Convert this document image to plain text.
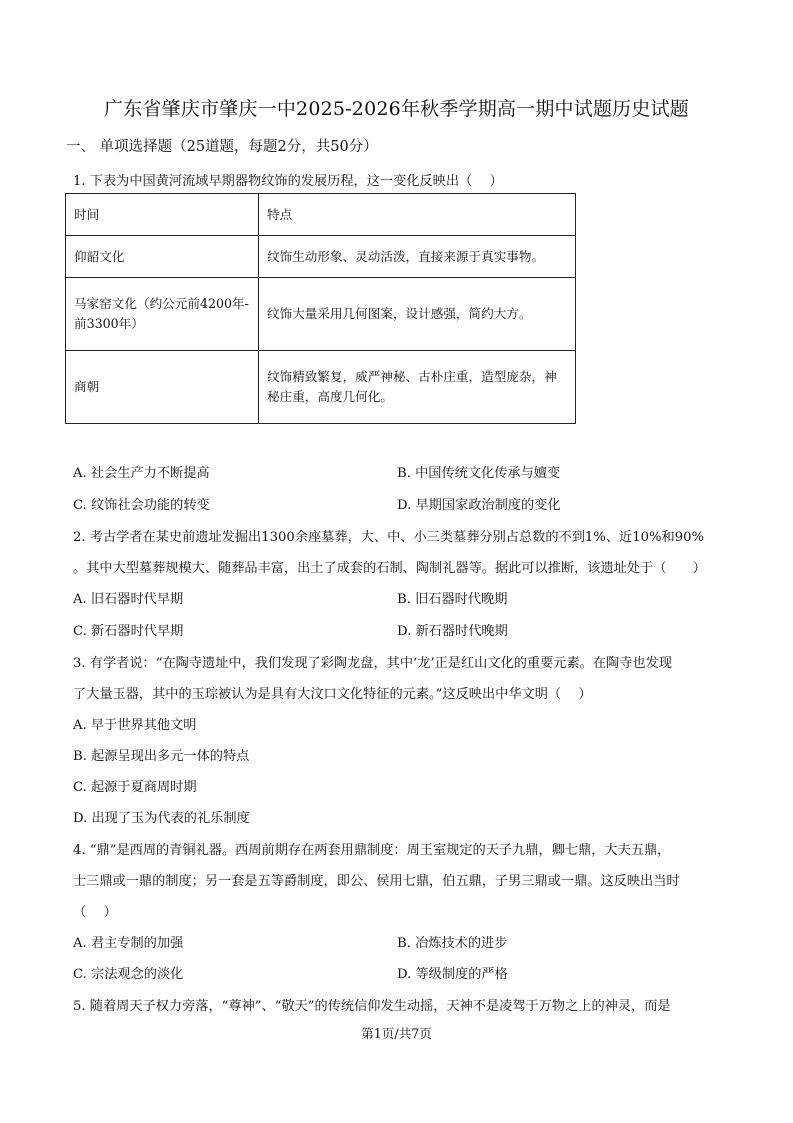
广东省肇庆市肇庆一中2025-2026年秋季学期高一期中试题历史试题
一、 单项选择题（25道题，每题2分，共50分）
1. 下表为中国黄河流域早期器物纹饰的发展历程，这一变化反映出（　 ）
时间	特点
仰韶文化	纹饰生动形象、灵动活泼，直接来源于真实事物。
马家窑文化（约公元前4200年-前3300年）	纹饰大量采用几何图案，设计感强，简约大方。
商朝	纹饰精致繁复，威严神秘、古朴庄重，造型庞杂，神秘庄重，高度几何化。
A. 社会生产力不断提高	B. 中国传统文化传承与嬗变
C. 纹饰社会功能的转变	D. 早期国家政治制度的变化
2. 考古学者在某史前遗址发掘出1300余座墓葬，大、中、小三类墓葬分别占总数的不到1%、近10%和90%
。其中大型墓葬规模大、随葬品丰富，出土了成套的石制、陶制礼器等。据此可以推断，该遗址处于（　　）
A. 旧石器时代早期	B. 旧石器时代晚期
C. 新石器时代早期	D. 新石器时代晚期
3. 有学者说：“在陶寺遗址中，我们发现了彩陶龙盘，其中‘龙’正是红山文化的重要元素。在陶寺也发现
了大量玉器，其中的玉琮被认为是具有大汶口文化特征的元素。”这反映出中华文明（　 ）
A. 早于世界其他文明
B. 起源呈现出多元一体的特点
C. 起源于夏商周时期
D. 出现了玉为代表的礼乐制度
4. “鼎”是西周的青铜礼器。西周前期存在两套用鼎制度：周王室规定的天子九鼎，卿七鼎，大夫五鼎，
士三鼎或一鼎的制度；另一套是五等爵制度，即公、侯用七鼎，伯五鼎，子男三鼎或一鼎。这反映出当时
（　 ）
A. 君主专制的加强	B. 冶炼技术的进步
C. 宗法观念的淡化	D. 等级制度的严格
5. 随着周天子权力旁落，“尊神”、“敬天”的传统信仰发生动摇，天神不是凌驾于万物之上的神灵，而是
第1页/共7页
